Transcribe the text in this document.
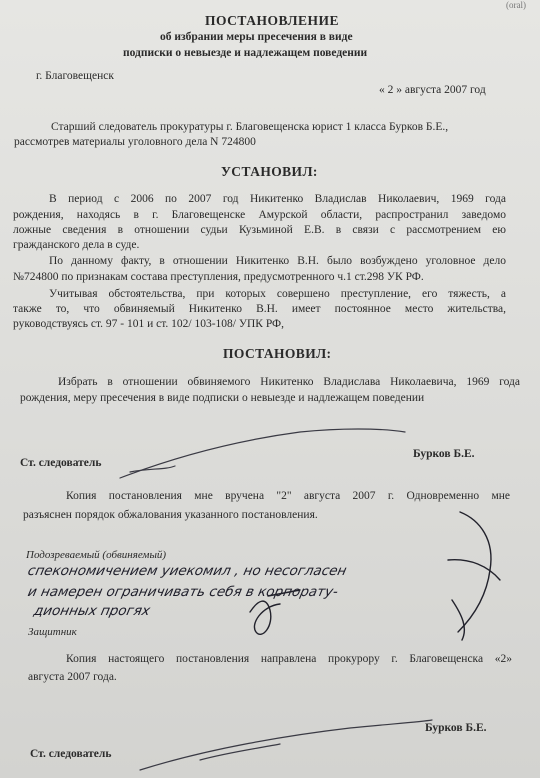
(oral)
ПОСТАНОВЛЕНИЕ
об избрании меры пресечения в виде
подписки о невыезде и надлежащем поведении
г. Благовещенск
« 2 » августа 2007 год
Старший следователь прокуратуры г. Благовещенска юрист 1 класса Бурков Б.Е.,
рассмотрев материалы уголовного дела N 724800
УСТАНОВИЛ:
В период с 2006 по 2007 год Никитенко Владислав Николаевич, 1969 года
рождения, находясь в г. Благовещенске Амурской области, распространил заведомо
ложные сведения в отношении судьи Кузьминой Е.В. в связи с рассмотрением ею
гражданского дела в суде.
По данному факту, в отношении Никитенко В.Н. было возбуждено уголовное дело
№724800 по признакам состава преступления, предусмотренного ч.1 ст.298 УК РФ.
Учитывая обстоятельства, при которых совершено преступление, его тяжесть, а
также то, что обвиняемый Никитенко В.Н. имеет постоянное место жительства,
руководствуясь ст. 97 - 101 и ст. 102/ 103-108/ УПК РФ,
ПОСТАНОВИЛ:
Избрать в отношении обвиняемого Никитенко Владислава Николаевича, 1969 года
рождения, меру пресечения в виде подписки о невыезде и надлежащем поведении
Ст. следователь
Бурков Б.Е.
Копия постановления мне вручена "2" августа 2007 г. Одновременно мне
разъяснен порядок обжалования указанного постановления.
Подозреваемый (обвиняемый)
спекономичением уиекомил , но несогласен
и намерен ограничивать себя в корпорату-
дионных прогях
Защитник
Копия настоящего постановления направлена прокурору г. Благовещенска «2»
августа 2007 года.
Бурков Б.Е.
Ст. следователь
